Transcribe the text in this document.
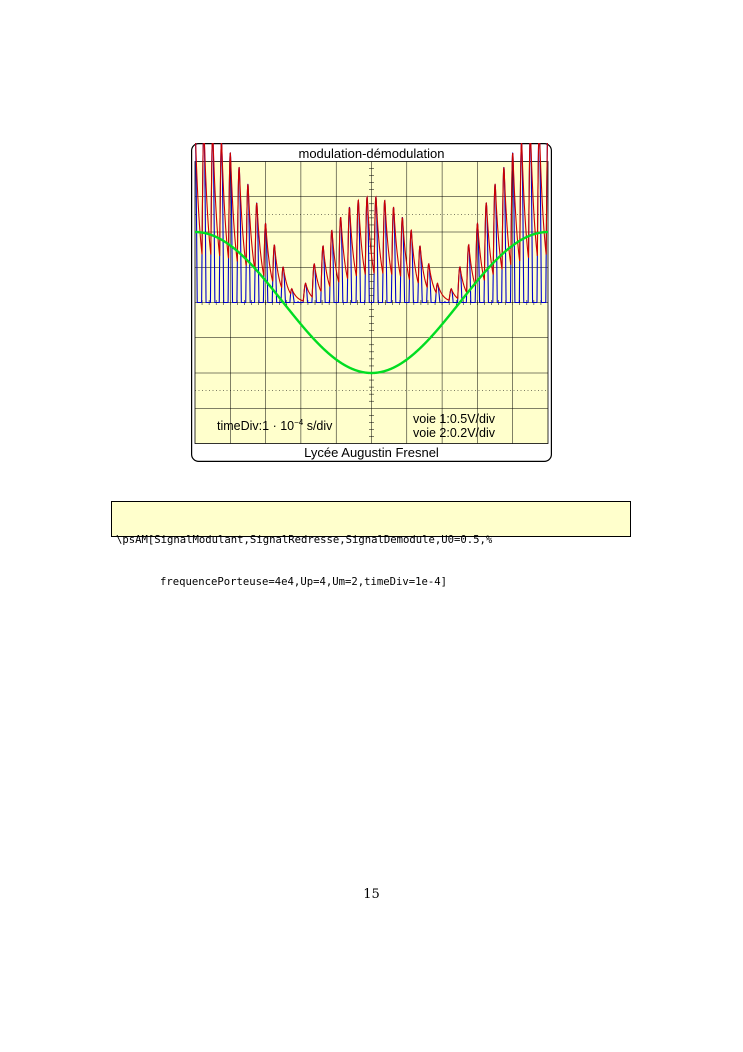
modulation-démodulation
Lycée Augustin Fresnel
timeDiv:1 · $10^{-4}$ s/div	voie 1:0.5V/div
voie 2:0.2V/div

\psAM[SignalModulant,SignalRedresse,SignalDemodule,U0=0.5,%

frequencePorteuse=4e4,Up=4,Um=2,timeDiv=1e-4]

15
